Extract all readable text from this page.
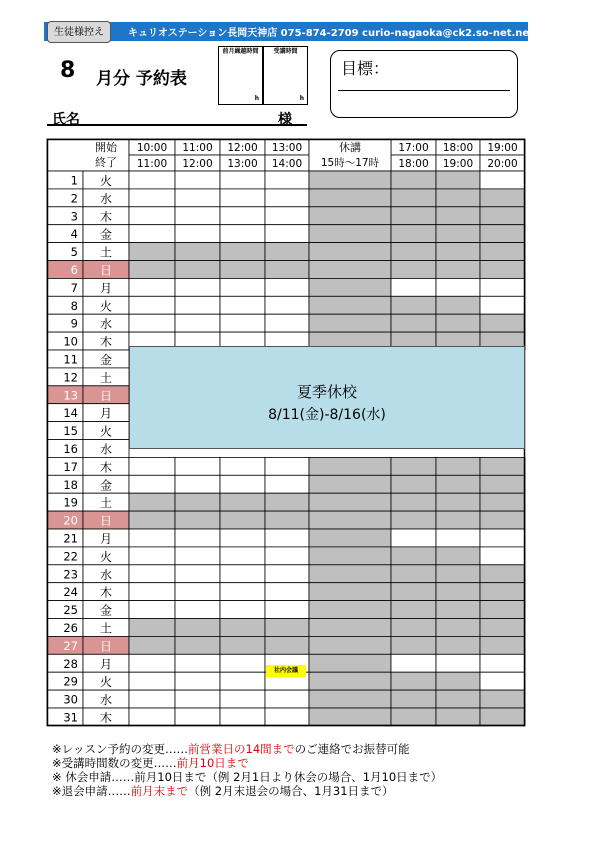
生徒様控え	キュリオステーション長岡天神店 075-874-2709 curio-nagaoka@ck2.so-net.ne.jp
8 月分 予約表
前月繰越時間
h
受講時間
h
目標：
氏名	様
開始
終了
10:00
11:00
11:00
12:00
12:00
13:00
13:00
14:00
17:00
18:00
18:00
19:00
19:00
20:00
休講
15時～17時
1 火
2 水
3 木
4 金
5 土
6 日
7 月
8 火
9 水
10 木
11 金
12 土
13 日
14 月
15 火
16 水
17 木
18 金
19 土
20 日
21 月
22 火
23 水
24 木
25 金
26 土
27 日
28 月
29 火
30 水
31 木
夏季休校
8/11(金)-8/16(水)
社内会議
※レッスン予約の変更……前営業日の14間までのご連絡でお振替可能
※受講時間数の変更……前月10日まで
※ 休会申請……前月10日まで（例 2月1日より休会の場合、1月10日まで）
※退会申請……前月末まで（例 2月末退会の場合、1月31日まで）
